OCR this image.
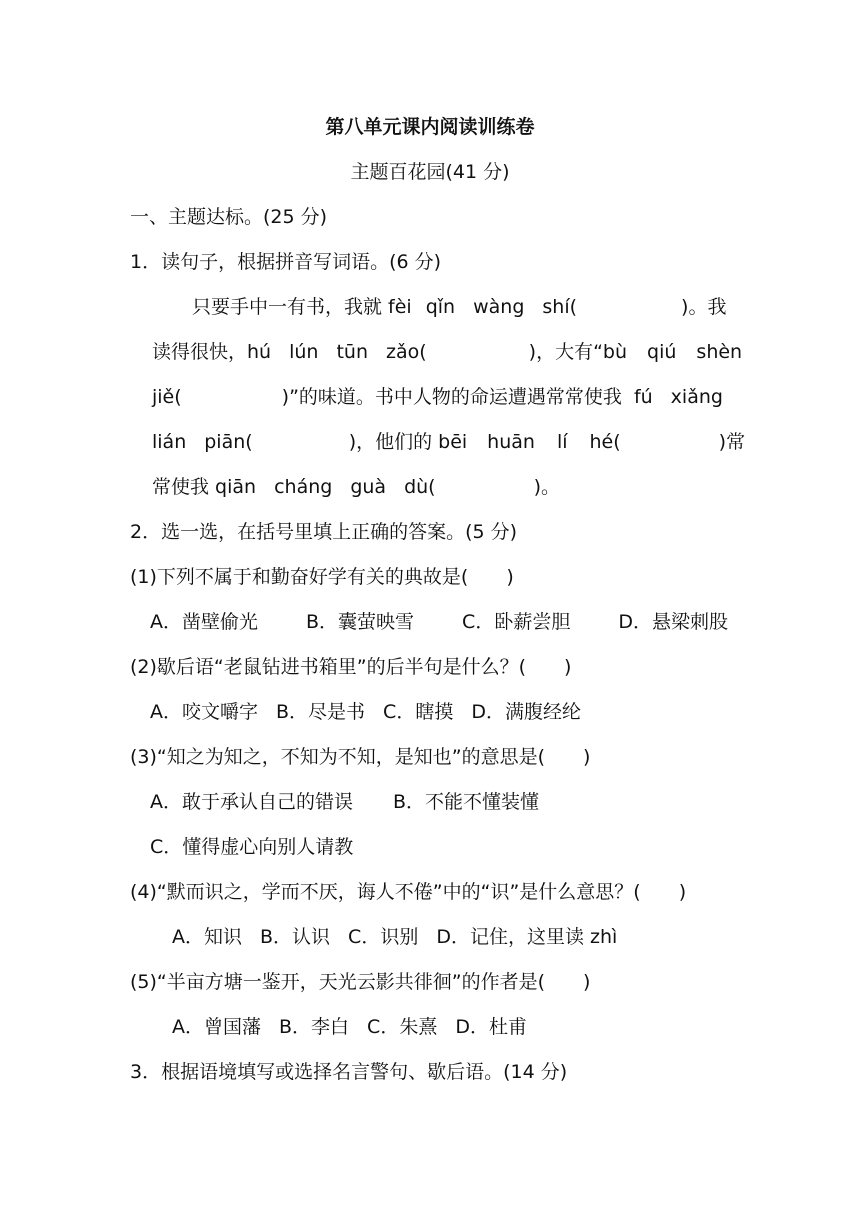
第八单元课内阅读训练卷
主题百花园(41 分)
一、主题达标。(25 分)
1．读句子，根据拼音写词语。(6 分)
只要手中一有书，我就 fèi qǐn wàng shí(	)。我
读得很快，hú lún tūn zǎo(	)，大有“bù qiú shèn
jiě(	)”的味道。书中人物的命运遭遇常常使我 fú xiǎng
lián piān(	)，他们的 bēi huān lí hé(	)常
常使我 qiān cháng guà dù(	)。
2．选一选，在括号里填上正确的答案。(5 分)
(1)下列不属于和勤奋好学有关的典故是(　　)
A．凿壁偷光	B．囊萤映雪	C．卧薪尝胆	D．悬梁刺股
(2)歇后语“老鼠钻进书箱里”的后半句是什么？(　　)
A．咬文嚼字 B．尽是书 C．瞎摸 D．满腹经纶
(3)“知之为知之，不知为不知，是知也”的意思是(　　)
A．敢于承认自己的错误 B．不能不懂装懂
C．懂得虚心向别人请教
(4)“默而识之，学而不厌，诲人不倦”中的“识”是什么意思？(　　)
A．知识 B．认识 C．识别 D．记住，这里读 zhì
(5)“半亩方塘一鉴开，天光云影共徘徊”的作者是(　　)
A．曾国藩 B．李白 C．朱熹 D．杜甫
3．根据语境填写或选择名言警句、歇后语。(14 分)
